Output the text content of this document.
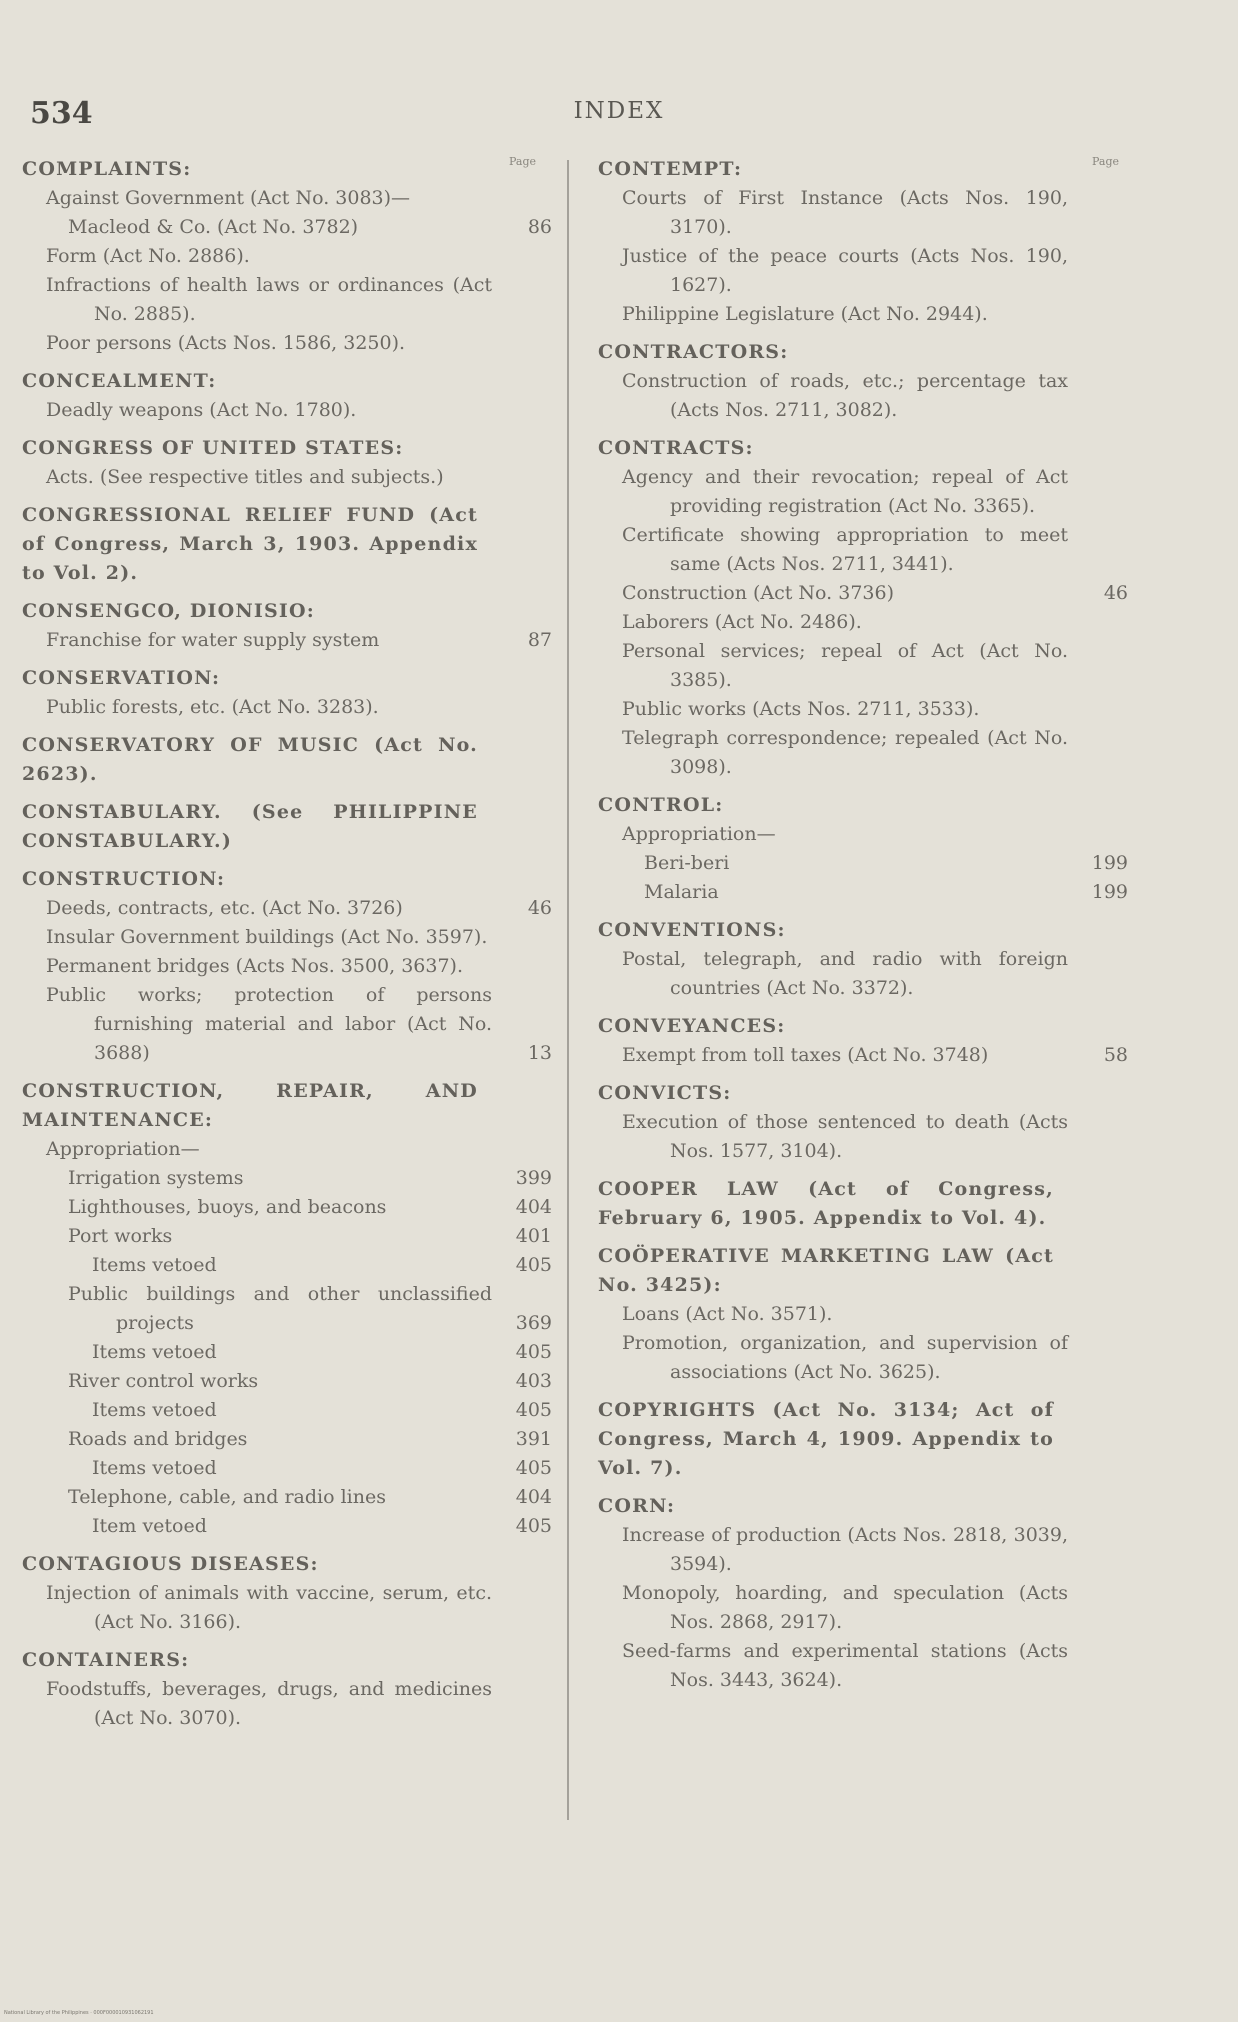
534	INDEX
Page
COMPLAINTS:
Against Government (Act No. 3083)—
Macleod & Co. (Act No. 3782)	86
Form (Act No. 2886).
Infractions of health laws or ordinances (Act No. 2885).
Poor persons (Acts Nos. 1586, 3250).
CONCEALMENT:
Deadly weapons (Act No. 1780).
CONGRESS OF UNITED STATES:
Acts. (See respective titles and subjects.)
CONGRESSIONAL RELIEF FUND (Act of Congress, March 3, 1903. Appendix to Vol. 2).
CONSENGCO, DIONISIO:
Franchise for water supply system	87
CONSERVATION:
Public forests, etc. (Act No. 3283).
CONSERVATORY OF MUSIC (Act No. 2623).
CONSTABULARY. (See PHILIPPINE CONSTABULARY.)
CONSTRUCTION:
Deeds, contracts, etc. (Act No. 3726)	46
Insular Government buildings (Act No. 3597).
Permanent bridges (Acts Nos. 3500, 3637).
Public works; protection of persons furnishing material and labor (Act No. 3688)	13
CONSTRUCTION, REPAIR, AND MAINTENANCE:
Appropriation—
Irrigation systems	399
Lighthouses, buoys, and beacons	404
Port works	401
Items vetoed	405
Public buildings and other unclassified projects	369
Items vetoed	405
River control works	403
Items vetoed	405
Roads and bridges	391
Items vetoed	405
Telephone, cable, and radio lines	404
Item vetoed	405
CONTAGIOUS DISEASES:
Injection of animals with vaccine, serum, etc. (Act No. 3166).
CONTAINERS:
Foodstuffs, beverages, drugs, and medicines (Act No. 3070).
Page
CONTEMPT:
Courts of First Instance (Acts Nos. 190, 3170).
Justice of the peace courts (Acts Nos. 190, 1627).
Philippine Legislature (Act No. 2944).
CONTRACTORS:
Construction of roads, etc.; percentage tax (Acts Nos. 2711, 3082).
CONTRACTS:
Agency and their revocation; repeal of Act providing registration (Act No. 3365).
Certificate showing appropriation to meet same (Acts Nos. 2711, 3441).
Construction (Act No. 3736)	46
Laborers (Act No. 2486).
Personal services; repeal of Act (Act No. 3385).
Public works (Acts Nos. 2711, 3533).
Telegraph correspondence; repealed (Act No. 3098).
CONTROL:
Appropriation—
Beri-beri	199
Malaria	199
CONVENTIONS:
Postal, telegraph, and radio with foreign countries (Act No. 3372).
CONVEYANCES:
Exempt from toll taxes (Act No. 3748)	58
CONVICTS:
Execution of those sentenced to death (Acts Nos. 1577, 3104).
COOPER LAW (Act of Congress, February 6, 1905. Appendix to Vol. 4).
COÖPERATIVE MARKETING LAW (Act No. 3425):
Loans (Act No. 3571).
Promotion, organization, and supervision of associations (Act No. 3625).
COPYRIGHTS (Act No. 3134; Act of Congress, March 4, 1909. Appendix to Vol. 7).
CORN:
Increase of production (Acts Nos. 2818, 3039, 3594).
Monopoly, hoarding, and speculation (Acts Nos. 2868, 2917).
Seed-farms and experimental stations (Acts Nos. 3443, 3624).
National Library of the Philippines · 000F000010931062191
